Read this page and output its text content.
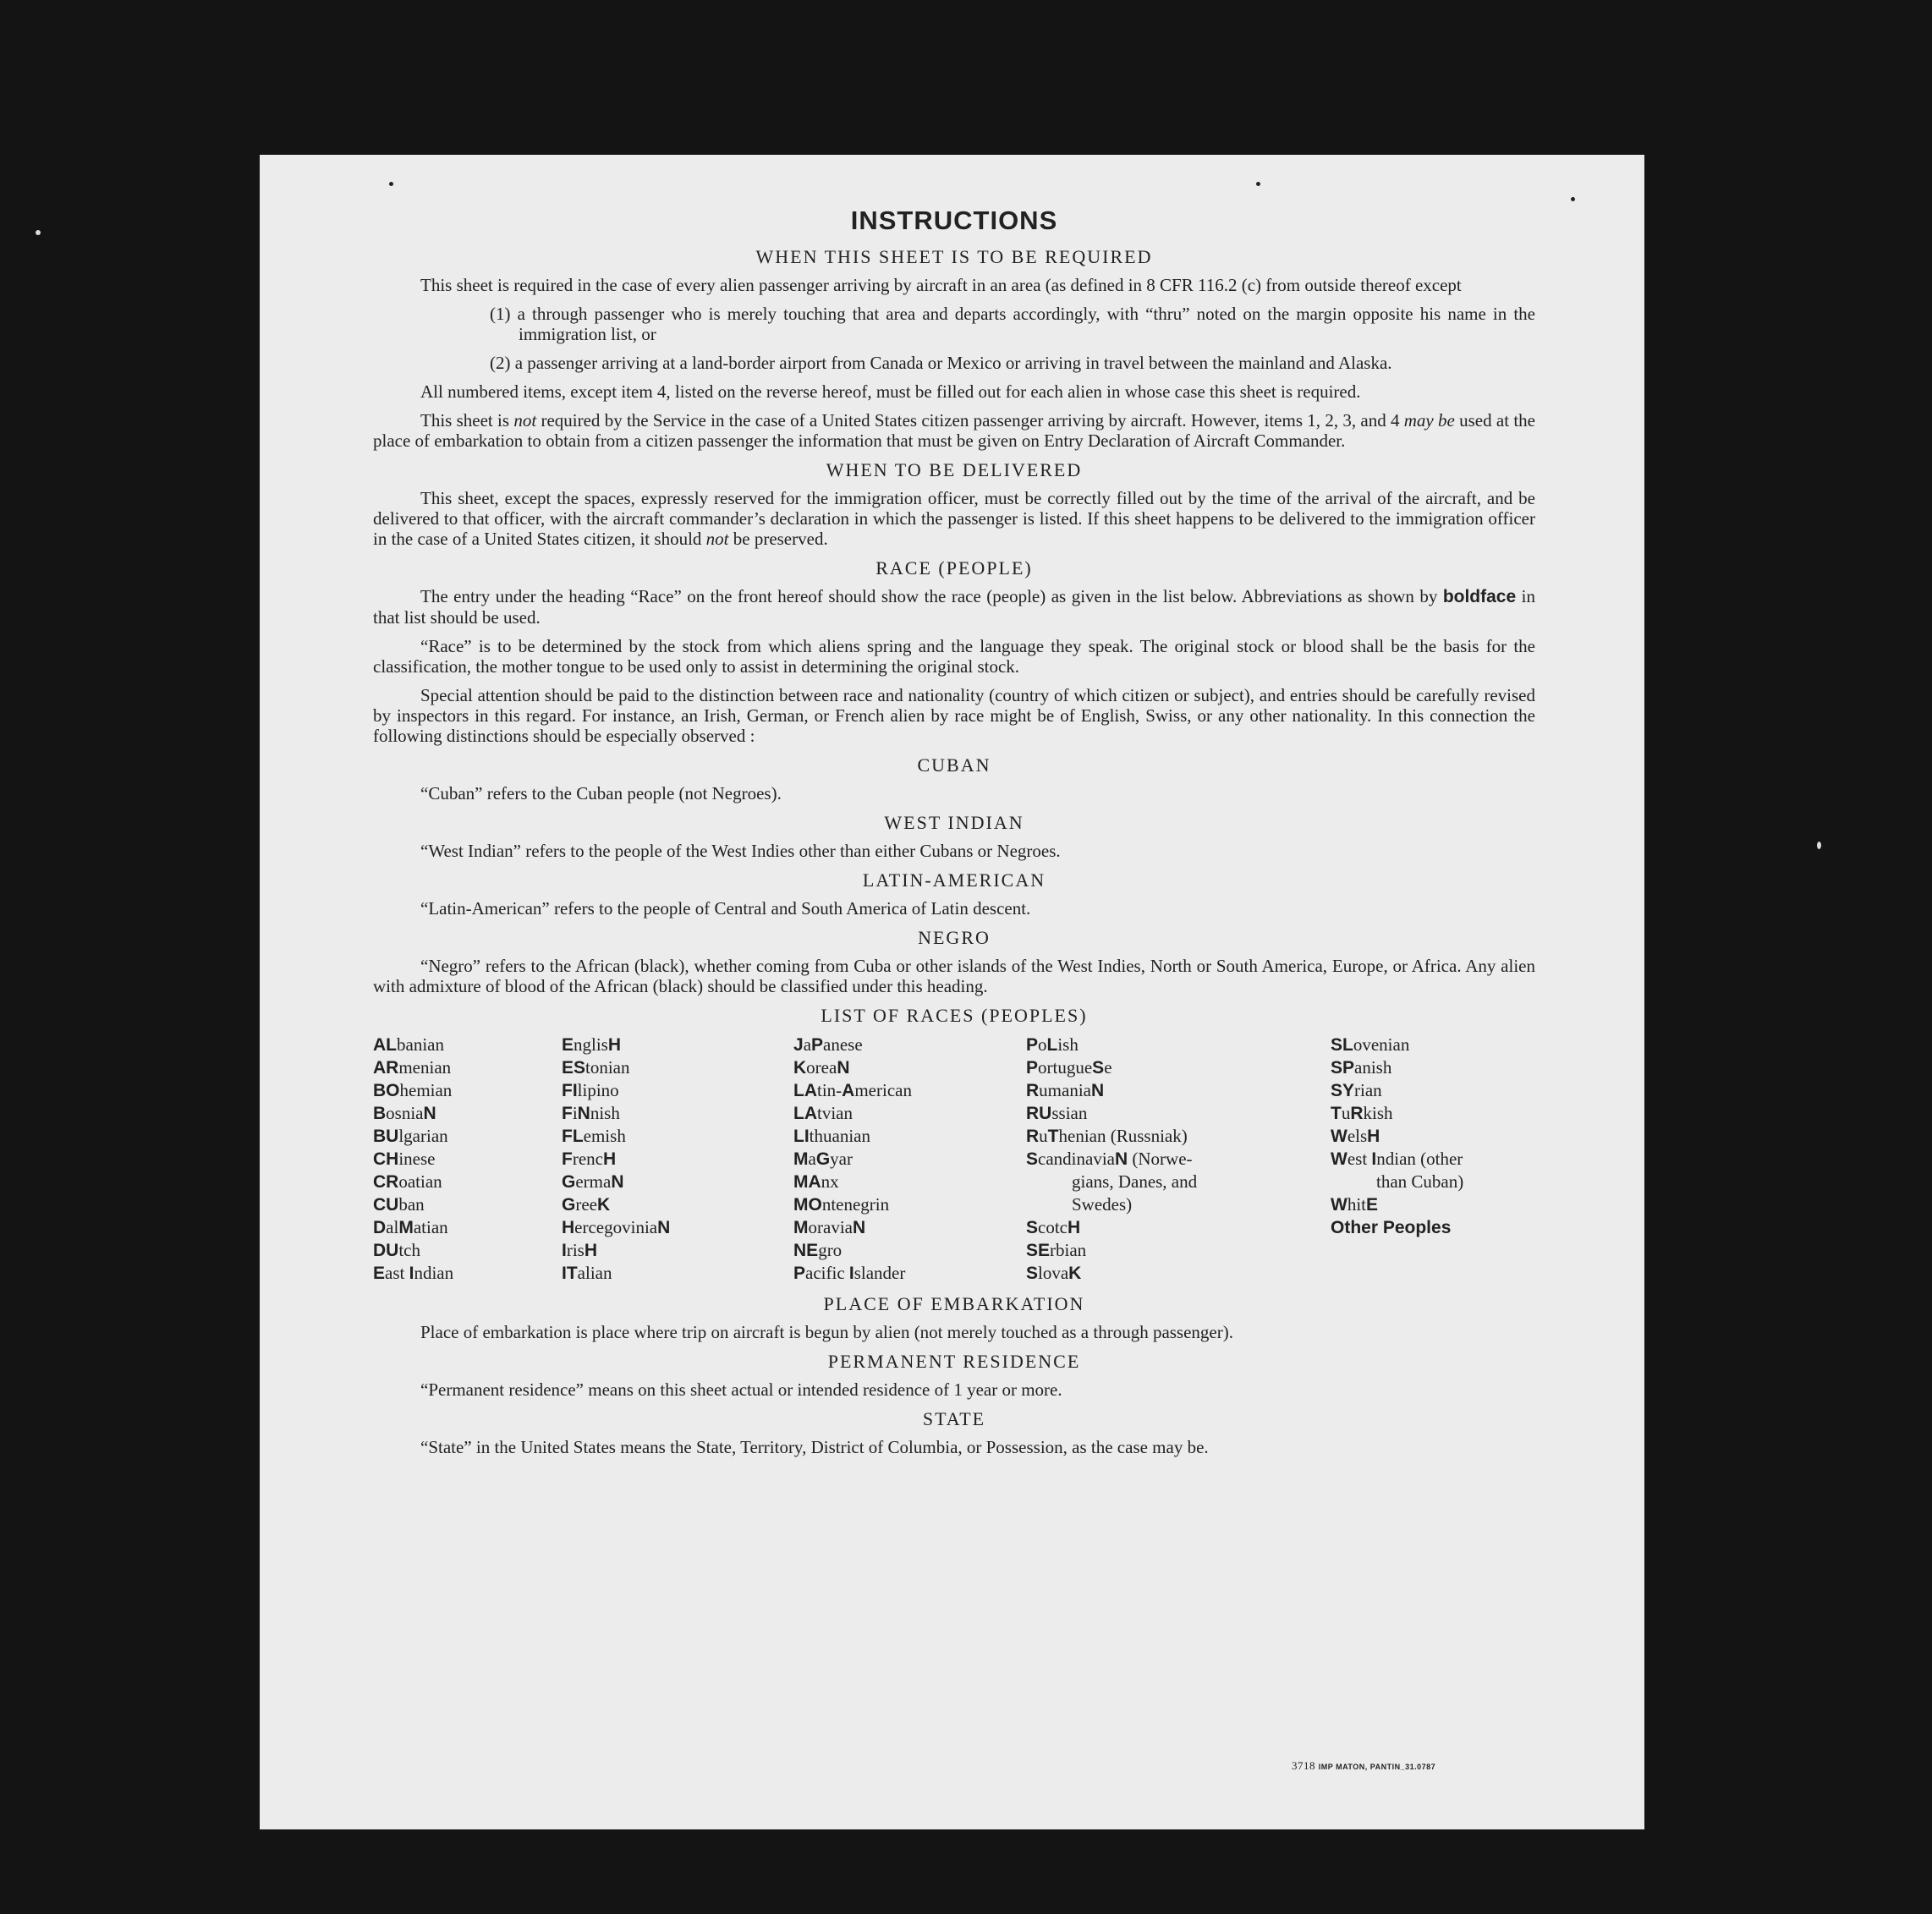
INSTRUCTIONS
WHEN THIS SHEET IS TO BE REQUIRED

This sheet is required in the case of every alien passenger arriving by aircraft in an area (as defined in 8 CFR 116.2 (c) from outside thereof except

(1) a through passenger who is merely touching that area and departs accordingly, with “thru” noted on the margin opposite his name in the immigration list, or

(2) a passenger arriving at a land-border airport from Canada or Mexico or arriving in travel between the mainland and Alaska.

All numbered items, except item 4, listed on the reverse hereof, must be filled out for each alien in whose case this sheet is required.

This sheet is not required by the Service in the case of a United States citizen passenger arriving by aircraft. However, items 1, 2, 3, and 4 may be used at the place of embarkation to obtain from a citizen passenger the information that must be given on Entry Declaration of Aircraft Commander.

WHEN TO BE DELIVERED

This sheet, except the spaces, expressly reserved for the immigration officer, must be correctly filled out by the time of the arrival of the aircraft, and be delivered to that officer, with the aircraft commander’s declaration in which the passenger is listed. If this sheet happens to be delivered to the immigration officer in the case of a United States citizen, it should not be preserved.

RACE (PEOPLE)

The entry under the heading “Race” on the front hereof should show the race (people) as given in the list below. Abbreviations as shown by boldface in that list should be used.

“Race” is to be determined by the stock from which aliens spring and the language they speak. The original stock or blood shall be the basis for the classification, the mother tongue to be used only to assist in determining the original stock.

Special attention should be paid to the distinction between race and nationality (country of which citizen or subject), and entries should be carefully revised by inspectors in this regard. For instance, an Irish, German, or French alien by race might be of English, Swiss, or any other nationality. In this connection the following distinctions should be especially observed :

CUBAN

“Cuban” refers to the Cuban people (not Negroes).

WEST INDIAN

“West Indian” refers to the people of the West Indies other than either Cubans or Negroes.

LATIN-AMERICAN

“Latin-American” refers to the people of Central and South America of Latin descent.

NEGRO

“Negro” refers to the African (black), whether coming from Cuba or other islands of the West Indies, North or South America, Europe, or Africa. Any alien with admixture of blood of the African (black) should be classified under this heading.

LIST OF RACES (PEOPLES)
ALbanian
ARmenian
BOhemian
BosniaN
BUlgarian
CHinese
CRoatian
CUban
DalMatian
DUtch
East Indian
EnglisH
EStonian
FIlipino
FiNnish
FLemish
FrencH
GermaN
GreeK
HercegoviniaN
IrisH
ITalian
JaPanese
KoreaN
LAtin-American
LAtvian
LIthuanian
MaGyar
MAnx
MOntenegrin
MoraviaN
NEgro
Pacific Islander
PoLish
PortugueSe
RumaniaN
RUssian
RuThenian (Russniak)
ScandinaviaN (Norwe-
gians, Danes, and
Swedes)
ScotcH
SErbian
SlovaK
SLovenian
SPanish
SYrian
TuRkish
WelsH
West Indian (other
than Cuban)
WhitE
Other Peoples
PLACE OF EMBARKATION

Place of embarkation is place where trip on aircraft is begun by alien (not merely touched as a through passenger).

PERMANENT RESIDENCE

“Permanent residence” means on this sheet actual or intended residence of 1 year or more.

STATE

“State” in the United States means the State, Territory, District of Columbia, or Possession, as the case may be.

3718 IMP MATON, PANTIN_31.0787
